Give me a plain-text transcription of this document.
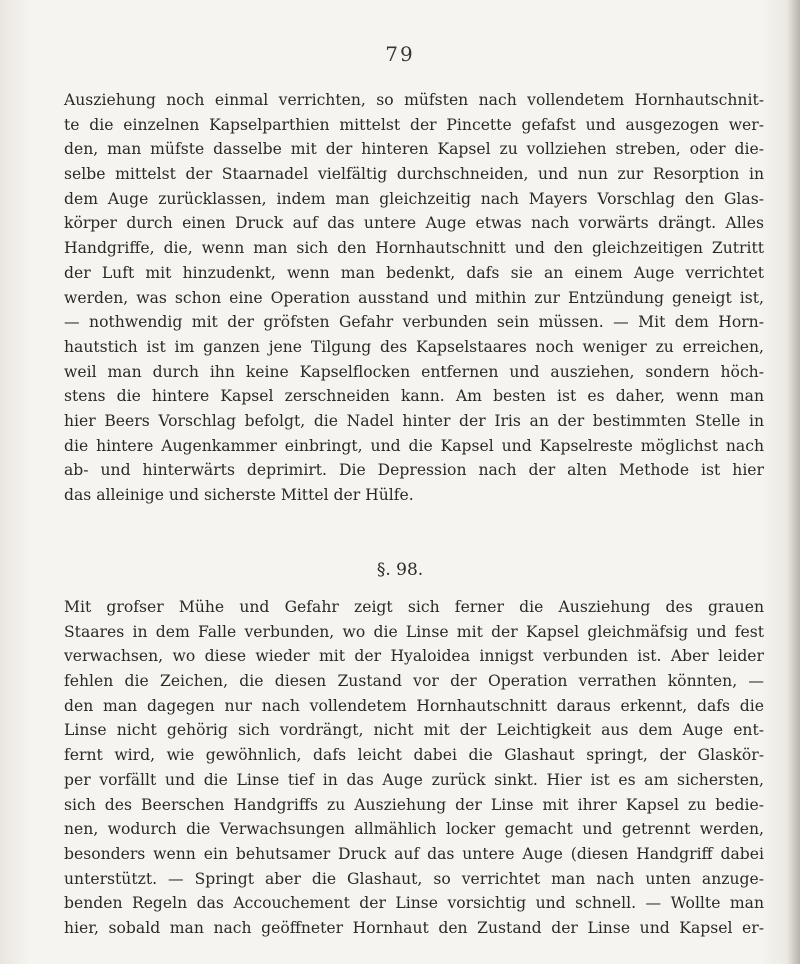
79
Ausziehung noch einmal verrichten, so müfsten nach vollendetem Hornhautschnit-
te die einzelnen Kapselparthien mittelst der Pincette gefafst und ausgezogen wer-
den, man müfste dasselbe mit der hinteren Kapsel zu vollziehen streben, oder die-
selbe mittelst der Staarnadel vielfältig durchschneiden, und nun zur Resorption in
dem Auge zurücklassen, indem man gleichzeitig nach Mayers Vorschlag den Glas-
körper durch einen Druck auf das untere Auge etwas nach vorwärts drängt. Alles
Handgriffe, die, wenn man sich den Hornhautschnitt und den gleichzeitigen Zutritt
der Luft mit hinzudenkt, wenn man bedenkt, dafs sie an einem Auge verrichtet
werden, was schon eine Operation ausstand und mithin zur Entzündung geneigt ist,
— nothwendig mit der gröfsten Gefahr verbunden sein müssen. — Mit dem Horn-
hautstich ist im ganzen jene Tilgung des Kapselstaares noch weniger zu erreichen,
weil man durch ihn keine Kapselflocken entfernen und ausziehen, sondern höch-
stens die hintere Kapsel zerschneiden kann. Am besten ist es daher, wenn man
hier Beers Vorschlag befolgt, die Nadel hinter der Iris an der bestimmten Stelle in
die hintere Augenkammer einbringt, und die Kapsel und Kapselreste möglichst nach
ab- und hinterwärts deprimirt. Die Depression nach der alten Methode ist hier
das alleinige und sicherste Mittel der Hülfe.
§. 98.
Mit grofser Mühe und Gefahr zeigt sich ferner die Ausziehung des grauen
Staares in dem Falle verbunden, wo die Linse mit der Kapsel gleichmäfsig und fest
verwachsen, wo diese wieder mit der Hyaloidea innigst verbunden ist. Aber leider
fehlen die Zeichen, die diesen Zustand vor der Operation verrathen könnten, —
den man dagegen nur nach vollendetem Hornhautschnitt daraus erkennt, dafs die
Linse nicht gehörig sich vordrängt, nicht mit der Leichtigkeit aus dem Auge ent-
fernt wird, wie gewöhnlich, dafs leicht dabei die Glashaut springt, der Glaskör-
per vorfällt und die Linse tief in das Auge zurück sinkt. Hier ist es am sichersten,
sich des Beerschen Handgriffs zu Ausziehung der Linse mit ihrer Kapsel zu bedie-
nen, wodurch die Verwachsungen allmählich locker gemacht und getrennt werden,
besonders wenn ein behutsamer Druck auf das untere Auge (diesen Handgriff dabei
unterstützt. — Springt aber die Glashaut, so verrichtet man nach unten anzuge-
benden Regeln das Accouchement der Linse vorsichtig und schnell. — Wollte man
hier, sobald man nach geöffneter Hornhaut den Zustand der Linse und Kapsel er-
